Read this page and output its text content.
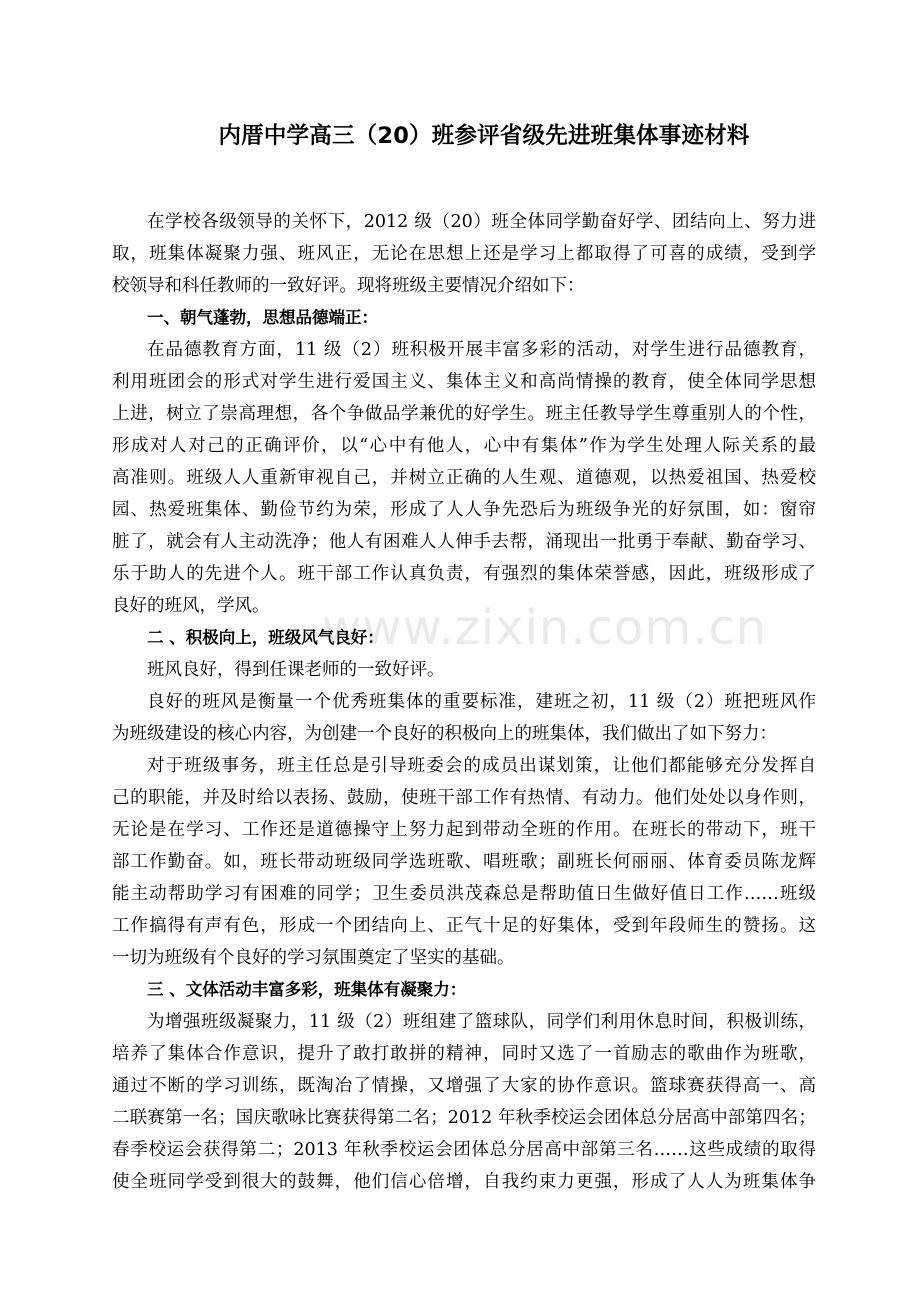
内厝中学高三（20）班参评省级先进班集体事迹材料
www.zixin.com.cn
在学校各级领导的关怀下，2012 级（20）班全体同学勤奋好学、团结向上、努力进
取，班集体凝聚力强、班风正，无论在思想上还是学习上都取得了可喜的成绩，受到学
校领导和科任教师的一致好评。现将班级主要情况介绍如下：
一、朝气蓬勃，思想品德端正：
在品德教育方面，11 级（2）班积极开展丰富多彩的活动，对学生进行品德教育，
利用班团会的形式对学生进行爱国主义、集体主义和高尚情操的教育，使全体同学思想
上进，树立了崇高理想，各个争做品学兼优的好学生。班主任教导学生尊重别人的个性，
形成对人对己的正确评价，以“心中有他人，心中有集体”作为学生处理人际关系的最
高准则。班级人人重新审视自己，并树立正确的人生观、道德观，以热爱祖国、热爱校
园、热爱班集体、勤俭节约为荣，形成了人人争先恐后为班级争光的好氛围，如：窗帘
脏了，就会有人主动洗净；他人有困难人人伸手去帮，涌现出一批勇于奉献、勤奋学习、
乐于助人的先进个人。班干部工作认真负责，有强烈的集体荣誉感，因此，班级形成了
良好的班风，学风。
二 、积极向上，班级风气良好：
班风良好，得到任课老师的一致好评。
良好的班风是衡量一个优秀班集体的重要标准，建班之初，11 级（2）班把班风作
为班级建设的核心内容，为创建一个良好的积极向上的班集体，我们做出了如下努力：
对于班级事务，班主任总是引导班委会的成员出谋划策，让他们都能够充分发挥自
己的职能，并及时给以表扬、鼓励，使班干部工作有热情、有动力。他们处处以身作则，
无论是在学习、工作还是道德操守上努力起到带动全班的作用。在班长的带动下，班干
部工作勤奋。如，班长带动班级同学选班歌、唱班歌；副班长何丽丽、体育委员陈龙辉
能主动帮助学习有困难的同学；卫生委员洪茂森总是帮助值日生做好值日工作……班级
工作搞得有声有色，形成一个团结向上、正气十足的好集体，受到年段师生的赞扬。这
一切为班级有个良好的学习氛围奠定了坚实的基础。
三 、文体活动丰富多彩，班集体有凝聚力：
为增强班级凝聚力，11 级（2）班组建了篮球队，同学们利用休息时间，积极训练，
培养了集体合作意识，提升了敢打敢拼的精神，同时又选了一首励志的歌曲作为班歌，
通过不断的学习训练，既淘冶了情操，又增强了大家的协作意识。篮球赛获得高一、高
二联赛第一名；国庆歌咏比赛获得第二名；2012 年秋季校运会团体总分居高中部第四名；
春季校运会获得第二；2013 年秋季校运会团体总分居高中部第三名……这些成绩的取得
使全班同学受到很大的鼓舞，他们信心倍增，自我约束力更强，形成了人人为班集体争
